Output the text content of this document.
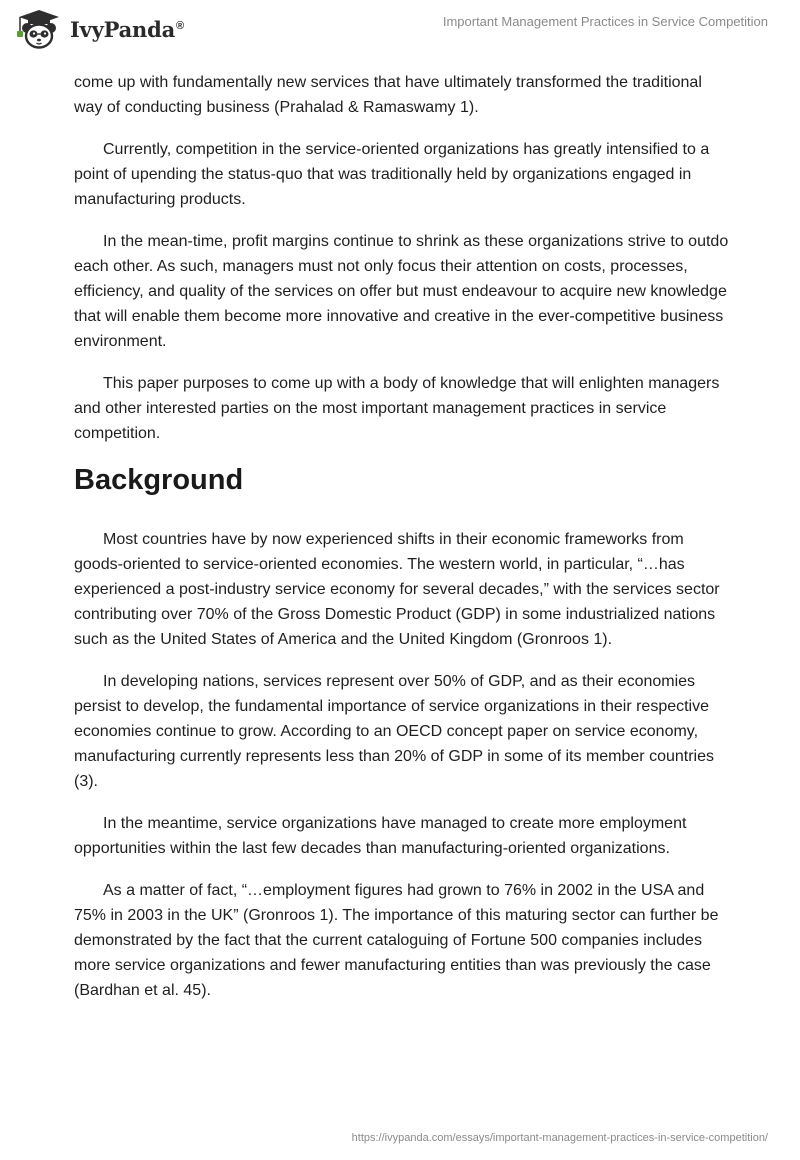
IvyPanda®	Important Management Practices in Service Competition

come up with fundamentally new services that have ultimately transformed the traditional way of conducting business (Prahalad & Ramaswamy 1).

Currently, competition in the service-oriented organizations has greatly intensified to a point of upending the status-quo that was traditionally held by organizations engaged in manufacturing products.

In the mean-time, profit margins continue to shrink as these organizations strive to outdo each other. As such, managers must not only focus their attention on costs, processes, efficiency, and quality of the services on offer but must endeavour to acquire new knowledge that will enable them become more innovative and creative in the ever-competitive business environment.

This paper purposes to come up with a body of knowledge that will enlighten managers and other interested parties on the most important management practices in service competition.

Background

Most countries have by now experienced shifts in their economic frameworks from goods-oriented to service-oriented economies. The western world, in particular, “…has experienced a post-industry service economy for several decades,” with the services sector contributing over 70% of the Gross Domestic Product (GDP) in some industrialized nations such as the United States of America and the United Kingdom (Gronroos 1).

In developing nations, services represent over 50% of GDP, and as their economies persist to develop, the fundamental importance of service organizations in their respective economies continue to grow. According to an OECD concept paper on service economy, manufacturing currently represents less than 20% of GDP in some of its member countries (3).

In the meantime, service organizations have managed to create more employment opportunities within the last few decades than manufacturing-oriented organizations.

As a matter of fact, “…employment figures had grown to 76% in 2002 in the USA and 75% in 2003 in the UK” (Gronroos 1). The importance of this maturing sector can further be demonstrated by the fact that the current cataloguing of Fortune 500 companies includes more service organizations and fewer manufacturing entities than was previously the case (Bardhan et al. 45).

https://ivypanda.com/essays/important-management-practices-in-service-competition/
